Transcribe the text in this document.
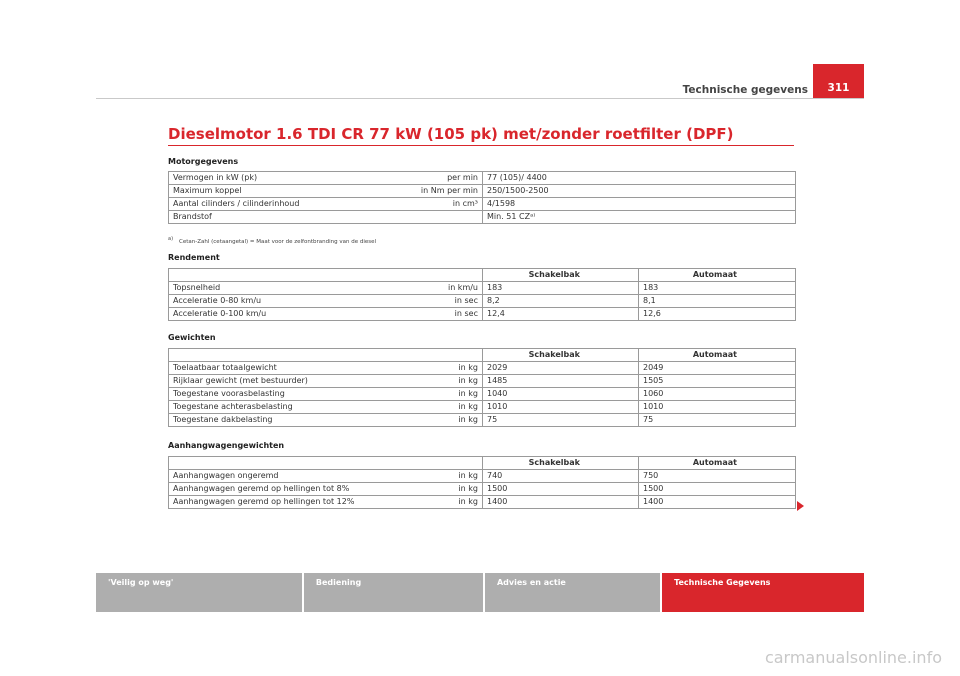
Technische gegevens	311
Dieselmotor 1.6 TDI CR 77 kW (105 pk) met/zonder roetfilter (DPF)
Motorgegevens
Vermogen in kW (pk)	per min	77 (105)/ 4400
Maximum koppel	in Nm per min	250/1500-2500
Aantal cilinders / cilinderinhoud	in cm³	4/1598
Brandstof		Min. 51 CZᵃ⁾
$^{a)}$ Cetan-Zahl (cetaangetal) = Maat voor de zelfontbranding van de diesel
Rendement
		Schakelbak	Automaat
Topsnelheid	in km/u	183	183
Acceleratie 0-80 km/u	in sec	8,2	8,1
Acceleratie 0-100 km/u	in sec	12,4	12,6
Gewichten
		Schakelbak	Automaat
Toelaatbaar totaalgewicht	in kg	2029	2049
Rijklaar gewicht (met bestuurder)	in kg	1485	1505
Toegestane voorasbelasting	in kg	1040	1060
Toegestane achterasbelasting	in kg	1010	1010
Toegestane dakbelasting	in kg	75	75
Aanhangwagengewichten
		Schakelbak	Automaat
Aanhangwagen ongeremd	in kg	740	750
Aanhangwagen geremd op hellingen tot 8%	in kg	1500	1500
Aanhangwagen geremd op hellingen tot 12%	in kg	1400	1400
'Veilig op weg'	Bediening	Advies en actie	Technische Gegevens
carmanualsonline.info
